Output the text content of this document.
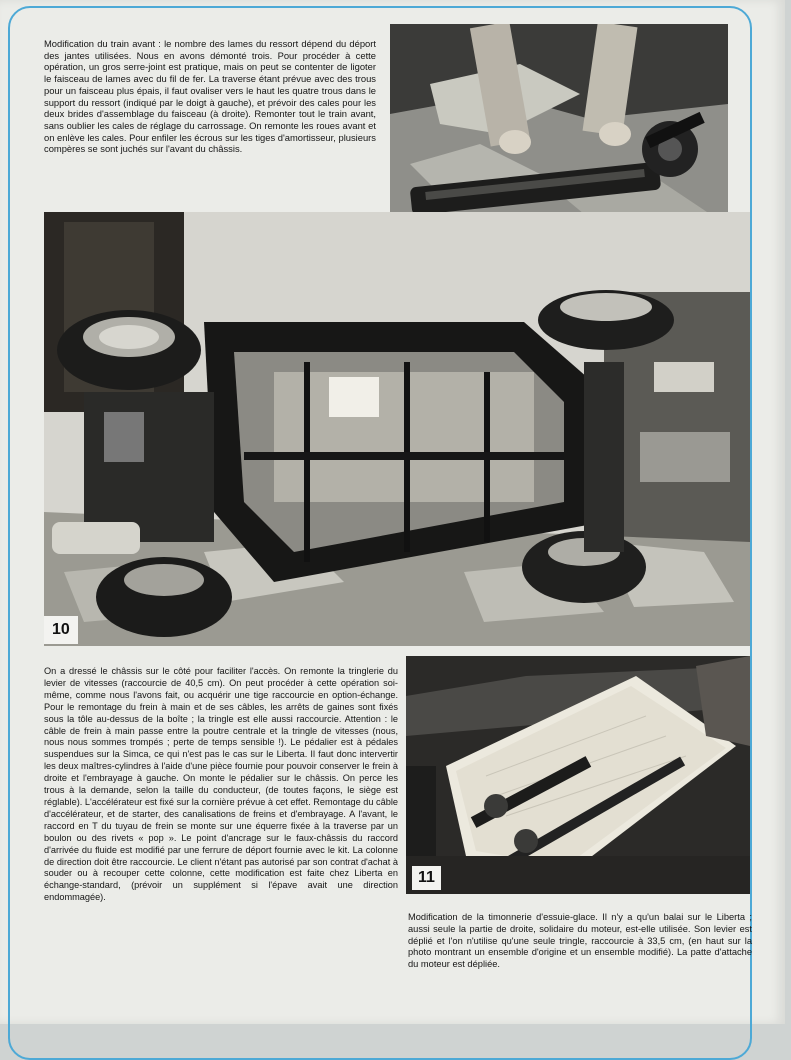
Modification du train avant : le nombre des lames du ressort dépend du déport des jantes utilisées. Nous en avons démonté trois. Pour procéder à cette opération, un gros serre-joint est pratique, mais on peut se contenter de ligoter le faisceau de lames avec du fil de fer. La traverse étant prévue avec des trous pour un faisceau plus épais, il faut ovaliser vers le haut les quatre trous dans le support du ressort (indiqué par le doigt à gauche), et prévoir des cales pour les deux brides d'assemblage du faisceau (à droite). Remonter tout le train avant, sans oublier les cales de réglage du carrossage. On remonte les roues avant et on enlève les cales. Pour enfiler les écrous sur les tiges d'amortisseur, plusieurs compères se sont juchés sur l'avant du châssis.

10

On a dressé le châssis sur le côté pour faciliter l'accès. On remonte la tringlerie du levier de vitesses (raccourcie de 40,5 cm). On peut procéder à cette opération soi-même, comme nous l'avons fait, ou acquérir une tige raccourcie en option-échange. Pour le remontage du frein à main et de ses câbles, les arrêts de gaines sont fixés sous la tôle au-dessus de la boîte ; la tringle est elle aussi raccourcie. Attention : le câble de frein à main passe entre la poutre centrale et la tringle de vitesses (nous, nous nous sommes trompés ; perte de temps sensible !). Le pédalier est à pédales suspendues sur la Simca, ce qui n'est pas le cas sur le Liberta. Il faut donc intervertir les deux maîtres-cylindres à l'aide d'une pièce fournie pour pouvoir conserver le frein à droite et l'embrayage à gauche. On monte le pédalier sur le châssis. On perce les trous à la demande, selon la taille du conducteur, (de toutes façons, le siège est réglable). L'accélérateur est fixé sur la cornière prévue à cet effet. Remontage du câble d'accélérateur, et de starter, des canalisations de freins et d'embrayage. A l'avant, le raccord en T du tuyau de frein se monte sur une équerre fixée à la traverse par un boulon ou des rivets « pop ». Le point d'ancrage sur le faux-châssis du raccord d'arrivée du fluide est modifié par une ferrure de déport fournie avec le kit. La colonne de direction doit être raccourcie. Le client n'étant pas autorisé par son contrat d'achat à souder ou à recouper cette colonne, cette modification est faite chez Liberta en échange-standard, (prévoir un supplément si l'épave avait une direction endommagée).

11

Modification de la timonnerie d'essuie-glace. Il n'y a qu'un balai sur le Liberta ; aussi seule la partie de droite, solidaire du moteur, est-elle utilisée. Son levier est déplié et l'on n'utilise qu'une seule tringle, raccourcie à 33,5 cm, (en haut sur la photo montrant un ensemble d'origine et un ensemble modifié). La patte d'attache du moteur est dépliée.
